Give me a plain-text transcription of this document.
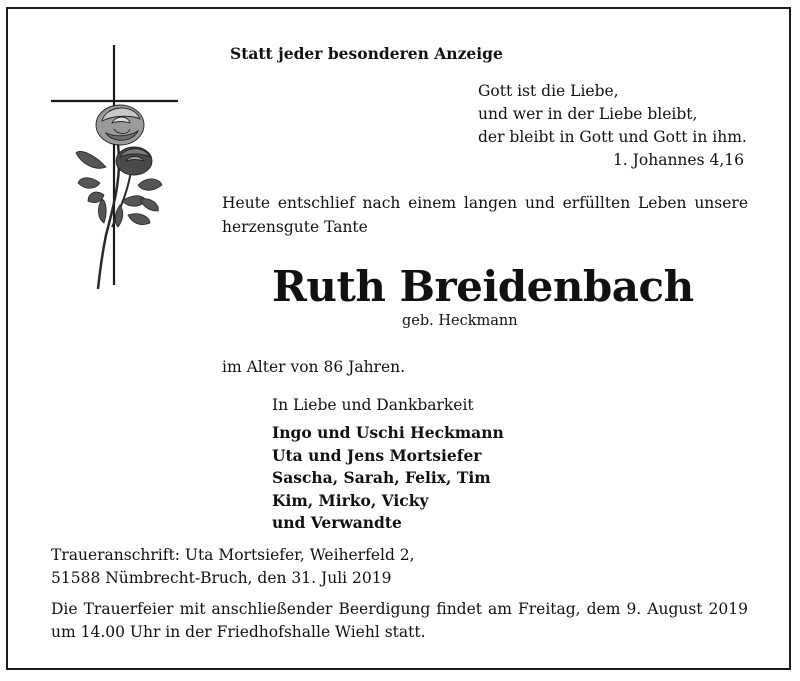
Statt jeder besonderen Anzeige

Gott ist die Liebe,
und wer in der Liebe bleibt,
der bleibt in Gott und Gott in ihm.
1. Johannes 4,16

Heute entschlief nach einem langen und erfüllten Leben unsere herzensgute Tante

Ruth Breidenbach

geb. Heckmann

im Alter von 86 Jahren.

In Liebe und Dankbarkeit

Ingo und Uschi Heckmann
Uta und Jens Mortsiefer
Sascha, Sarah, Felix, Tim
Kim, Mirko, Vicky
und Verwandte
Traueranschrift: Uta Mortsiefer, Weiherfeld 2,
51588 Nümbrecht-Bruch, den 31. Juli 2019

Die Trauerfeier mit anschließender Beerdigung findet am Freitag, dem 9. August 2019 um 14.00 Uhr in der Friedhofshalle Wiehl statt.
